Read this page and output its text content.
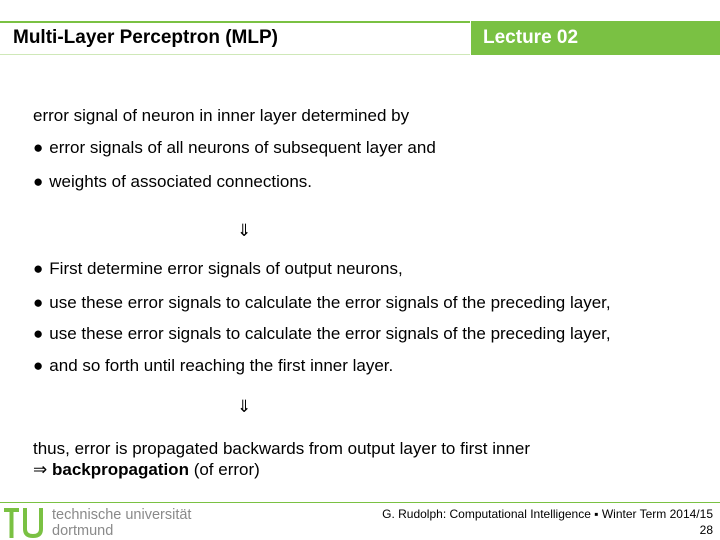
Multi-Layer Perceptron (MLP)	Lecture 02
error signal of neuron in inner layer determined by
● error signals of all neurons of subsequent layer and
● weights of associated connections.
⇓
● First determine error signals of output neurons,
● use these error signals to calculate the error signals of the preceding layer,
● use these error signals to calculate the error signals of the preceding layer,
● and so forth until reaching the first inner layer.
⇓
thus, error is propagated backwards from output layer to first inner
⇒ backpropagation (of error)
technische universität
dortmund
G. Rudolph: Computational Intelligence ▪ Winter Term 2014/15
28
